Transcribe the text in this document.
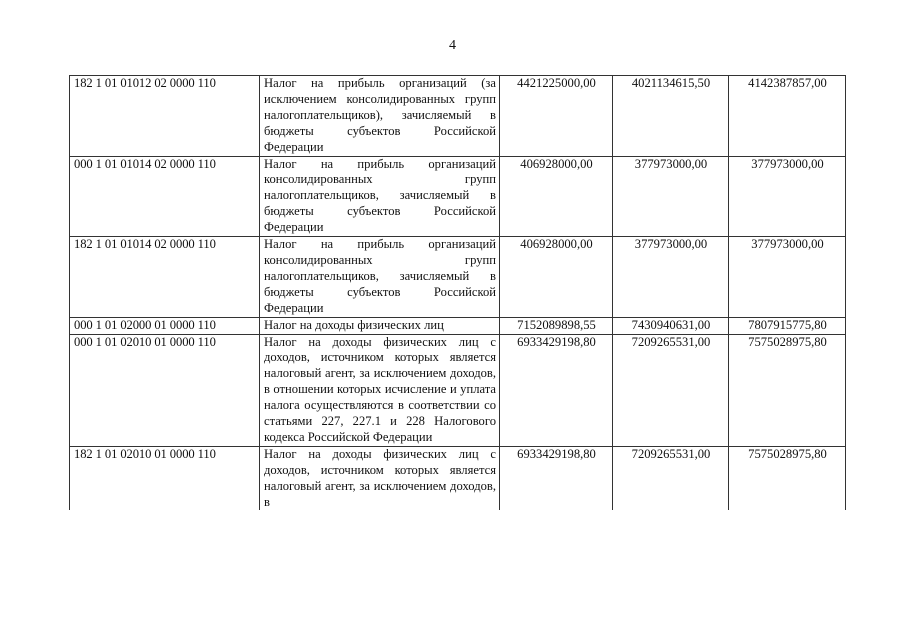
4
182 1 01 01012 02 0000 110	Налог на прибыль организаций (за исключением консолидированных групп налогоплательщиков), зачисляемый в бюджеты субъектов Российской Федерации	4421225000,00	4021134615,50	4142387857,00
000 1 01 01014 02 0000 110	Налог на прибыль организаций консолидированных групп налогоплательщиков, зачисляемый в бюджеты субъектов Российской Федерации	406928000,00	377973000,00	377973000,00
182 1 01 01014 02 0000 110	Налог на прибыль организаций консолидированных групп налогоплательщиков, зачисляемый в бюджеты субъектов Российской Федерации	406928000,00	377973000,00	377973000,00
000 1 01 02000 01 0000 110	Налог на доходы физических лиц	7152089898,55	7430940631,00	7807915775,80
000 1 01 02010 01 0000 110	Налог на доходы физических лиц с доходов, источником которых является налоговый агент, за исключением доходов, в отношении которых исчисление и уплата налога осуществляются в соответствии со статьями 227, 227.1 и 228 Налогового кодекса Российской Федерации	6933429198,80	7209265531,00	7575028975,80
182 1 01 02010 01 0000 110	Налог на доходы физических лиц с доходов, источником которых является налоговый агент, за исключением доходов, в	6933429198,80	7209265531,00	7575028975,80
